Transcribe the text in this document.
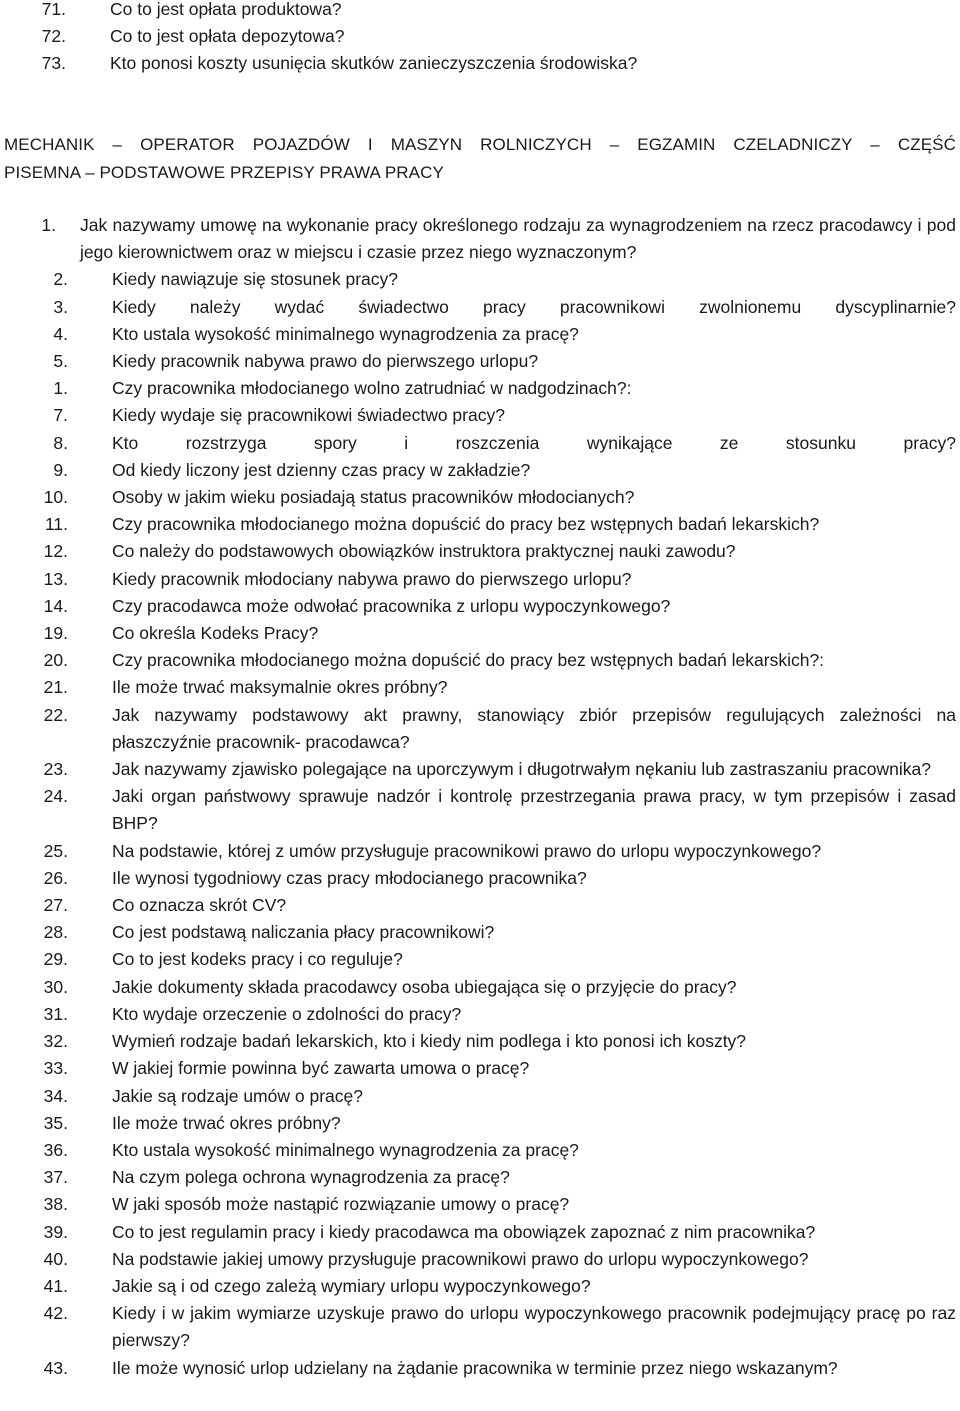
71.	Co to jest opłata produktowa?
72.	Co to jest opłata depozytowa?
73.	Kto ponosi koszty usunięcia skutków zanieczyszczenia środowiska?
MECHANIK – OPERATOR POJAZDÓW I MASZYN ROLNICZYCH – EGZAMIN CZELADNICZY – CZĘŚĆ
PISEMNA – PODSTAWOWE PRZEPISY PRAWA PRACY
1.	Jak nazywamy umowę na wykonanie pracy określonego rodzaju za wynagrodzeniem na rzecz pracodawcy i pod jego kierownictwem oraz w miejscu i czasie przez niego wyznaczonym?
2.	Kiedy nawiązuje się stosunek pracy?
3.	Kiedy należy wydać świadectwo pracy pracownikowi zwolnionemu dyscyplinarnie?
4.	Kto ustala wysokość minimalnego wynagrodzenia za pracę?
5.	Kiedy pracownik nabywa prawo do pierwszego urlopu?
1.	Czy pracownika młodocianego wolno zatrudniać w nadgodzinach?:
7.	Kiedy wydaje się pracownikowi świadectwo pracy?
8.	Kto rozstrzyga spory i roszczenia wynikające ze stosunku pracy?
9.	Od kiedy liczony jest dzienny czas pracy w zakładzie?
10.	Osoby w jakim wieku posiadają status pracowników młodocianych?
11.	Czy pracownika młodocianego można dopuścić do pracy bez wstępnych badań lekarskich?
12.	Co należy do podstawowych obowiązków instruktora praktycznej nauki zawodu?
13.	Kiedy pracownik młodociany nabywa prawo do pierwszego urlopu?
14.	Czy pracodawca może odwołać pracownika z urlopu wypoczynkowego?
19.	Co określa Kodeks Pracy?
20.	Czy pracownika młodocianego można dopuścić do pracy bez wstępnych badań lekarskich?:
21.	Ile może trwać maksymalnie okres próbny?
22.	Jak nazywamy podstawowy akt prawny, stanowiący zbiór przepisów regulujących zależności na płaszczyźnie pracownik- pracodawca?
23.	Jak nazywamy zjawisko polegające na uporczywym i długotrwałym nękaniu lub zastraszaniu pracownika?
24.	Jaki organ państwowy sprawuje nadzór i kontrolę przestrzegania prawa pracy, w tym przepisów i zasad BHP?
25.	Na podstawie, której z umów przysługuje pracownikowi prawo do urlopu wypoczynkowego?
26.	Ile wynosi tygodniowy czas pracy młodocianego pracownika?
27.	Co oznacza skrót CV?
28.	Co jest podstawą naliczania płacy pracownikowi?
29.	Co to jest kodeks pracy i co reguluje?
30.	Jakie dokumenty składa pracodawcy osoba ubiegająca się o przyjęcie do pracy?
31.	Kto wydaje orzeczenie o zdolności do pracy?
32.	Wymień rodzaje badań lekarskich, kto i kiedy nim podlega i kto ponosi ich koszty?
33.	W jakiej formie powinna być zawarta umowa o pracę?
34.	Jakie są rodzaje umów o pracę?
35.	Ile może trwać okres próbny?
36.	Kto ustala wysokość minimalnego wynagrodzenia za pracę?
37.	Na czym polega ochrona wynagrodzenia za pracę?
38.	W jaki sposób może nastąpić rozwiązanie umowy o pracę?
39.	Co to jest regulamin pracy i kiedy pracodawca ma obowiązek zapoznać z nim pracownika?
40.	Na podstawie jakiej umowy przysługuje pracownikowi prawo do urlopu wypoczynkowego?
41.	Jakie są i od czego zależą wymiary urlopu wypoczynkowego?
42.	Kiedy i w jakim wymiarze uzyskuje prawo do urlopu wypoczynkowego pracownik podejmujący pracę po raz pierwszy?
43.	Ile może wynosić urlop udzielany na żądanie pracownika w terminie przez niego wskazanym?
